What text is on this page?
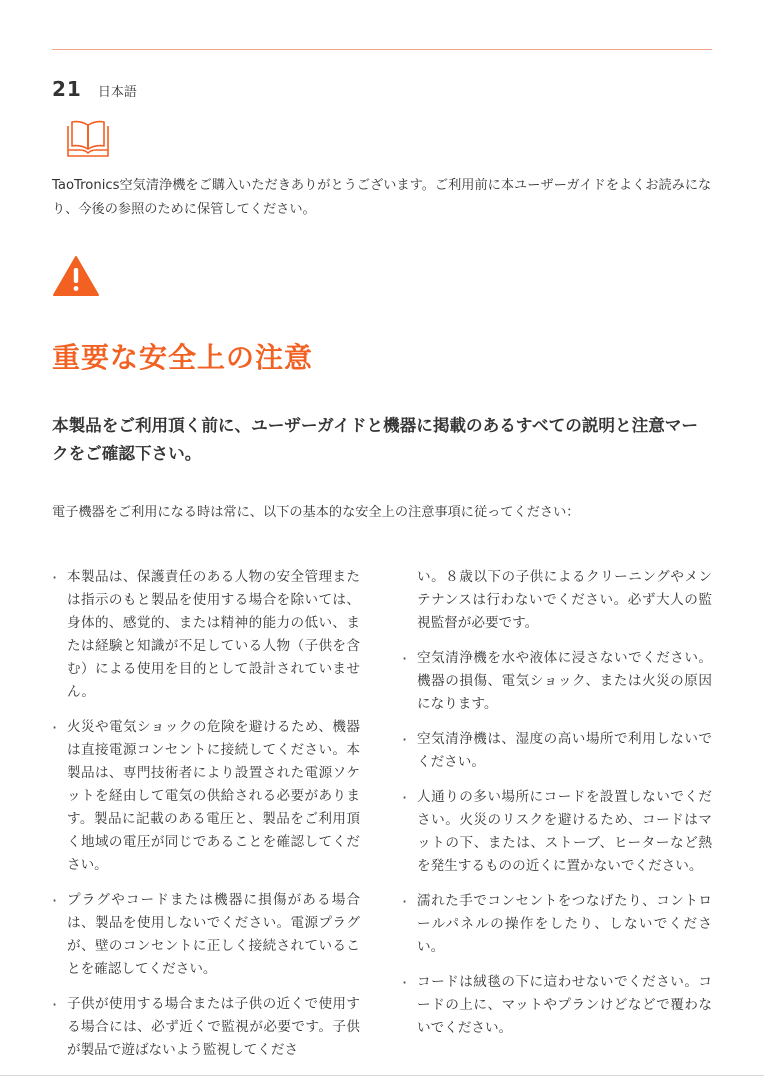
21 日本語

TaoTronics空気清浄機をご購入いただきありがとうございます。ご利用前に本ユーザーガイドをよくお読みになり、今後の参照のために保管してください。

重要な安全上の注意
本製品をご利用頂く前に、ユーザーガイドと機器に掲載のあるすべての説明と注意マークをご確認下さい。

電子機器をご利用になる時は常に、以下の基本的な安全上の注意事項に従ってください：

· 本製品は、保護責任のある人物の安全管理または指示のもと製品を使用する場合を除いては、身体的、感覚的、または精神的能力の低い、または経験と知識が不足している人物（子供を含む）による使用を目的として設計されていません。
· 火災や電気ショックの危険を避けるため、機器は直接電源コンセントに接続してください。本製品は、専門技術者により設置された電源ソケットを経由して電気の供給される必要があります。製品に記載のある電圧と、製品をご利用頂く地域の電圧が同じであることを確認してください。
· プラグやコードまたは機器に損傷がある場合は、製品を使用しないでください。電源プラグが、壁のコンセントに正しく接続されていることを確認してください。
· 子供が使用する場合または子供の近くで使用する場合には、必ず近くで監視が必要です。子供が製品で遊ばないよう監視してくださ
い。８歳以下の子供によるクリーニングやメンテナンスは行わないでください。必ず大人の監視監督が必要です。
· 空気清浄機を水や液体に浸さないでください。機器の損傷、電気ショック、または火災の原因になります。
· 空気清浄機は、湿度の高い場所で利用しないでください。
· 人通りの多い場所にコードを設置しないでください。火災のリスクを避けるため、コードはマットの下、または、ストーブ、ヒーターなど熱を発生するものの近くに置かないでください。
· 濡れた手でコンセントをつなげたり、コントロールパネルの操作をしたり、しないでください。
· コードは絨毯の下に這わせないでください。コードの上に、マットやプランけどなどで覆わないでください。
